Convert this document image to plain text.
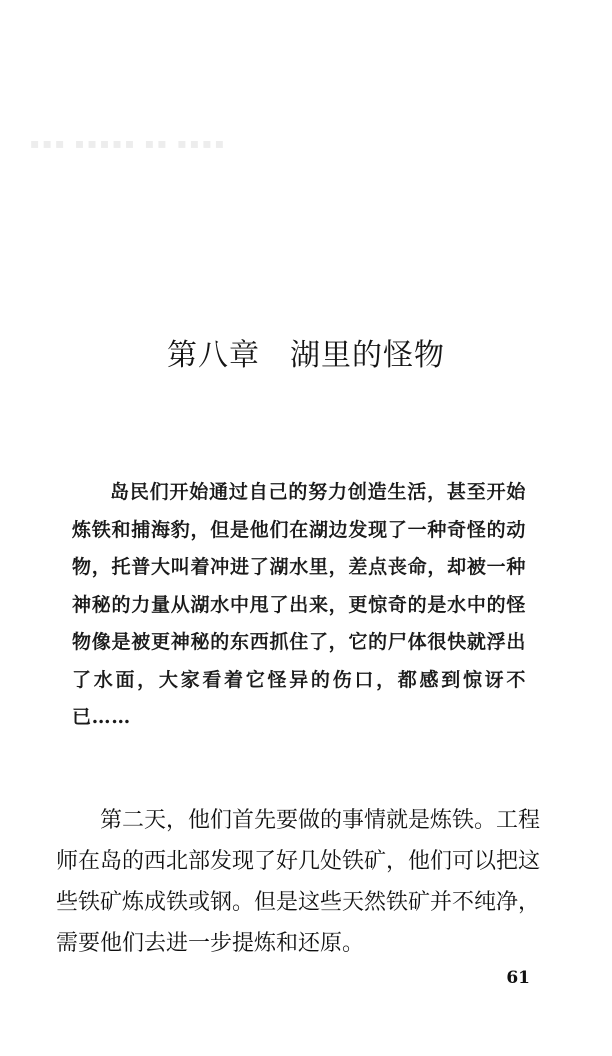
▪▪▪ ▪▪▪▪▪ ▪▪ ▪▪▪▪
第八章 湖里的怪物

岛民们开始通过自己的努力创造生活，甚至开始炼铁和捕海豹，但是他们在湖边发现了一种奇怪的动物，托普大叫着冲进了湖水里，差点丧命，却被一种神秘的力量从湖水中甩了出来，更惊奇的是水中的怪物像是被更神秘的东西抓住了，它的尸体很快就浮出了水面，大家看着它怪异的伤口，都感到惊讶不已……

第二天，他们首先要做的事情就是炼铁。工程师在岛的西北部发现了好几处铁矿，他们可以把这些铁矿炼成铁或钢。但是这些天然铁矿并不纯净，需要他们去进一步提炼和还原。

61
